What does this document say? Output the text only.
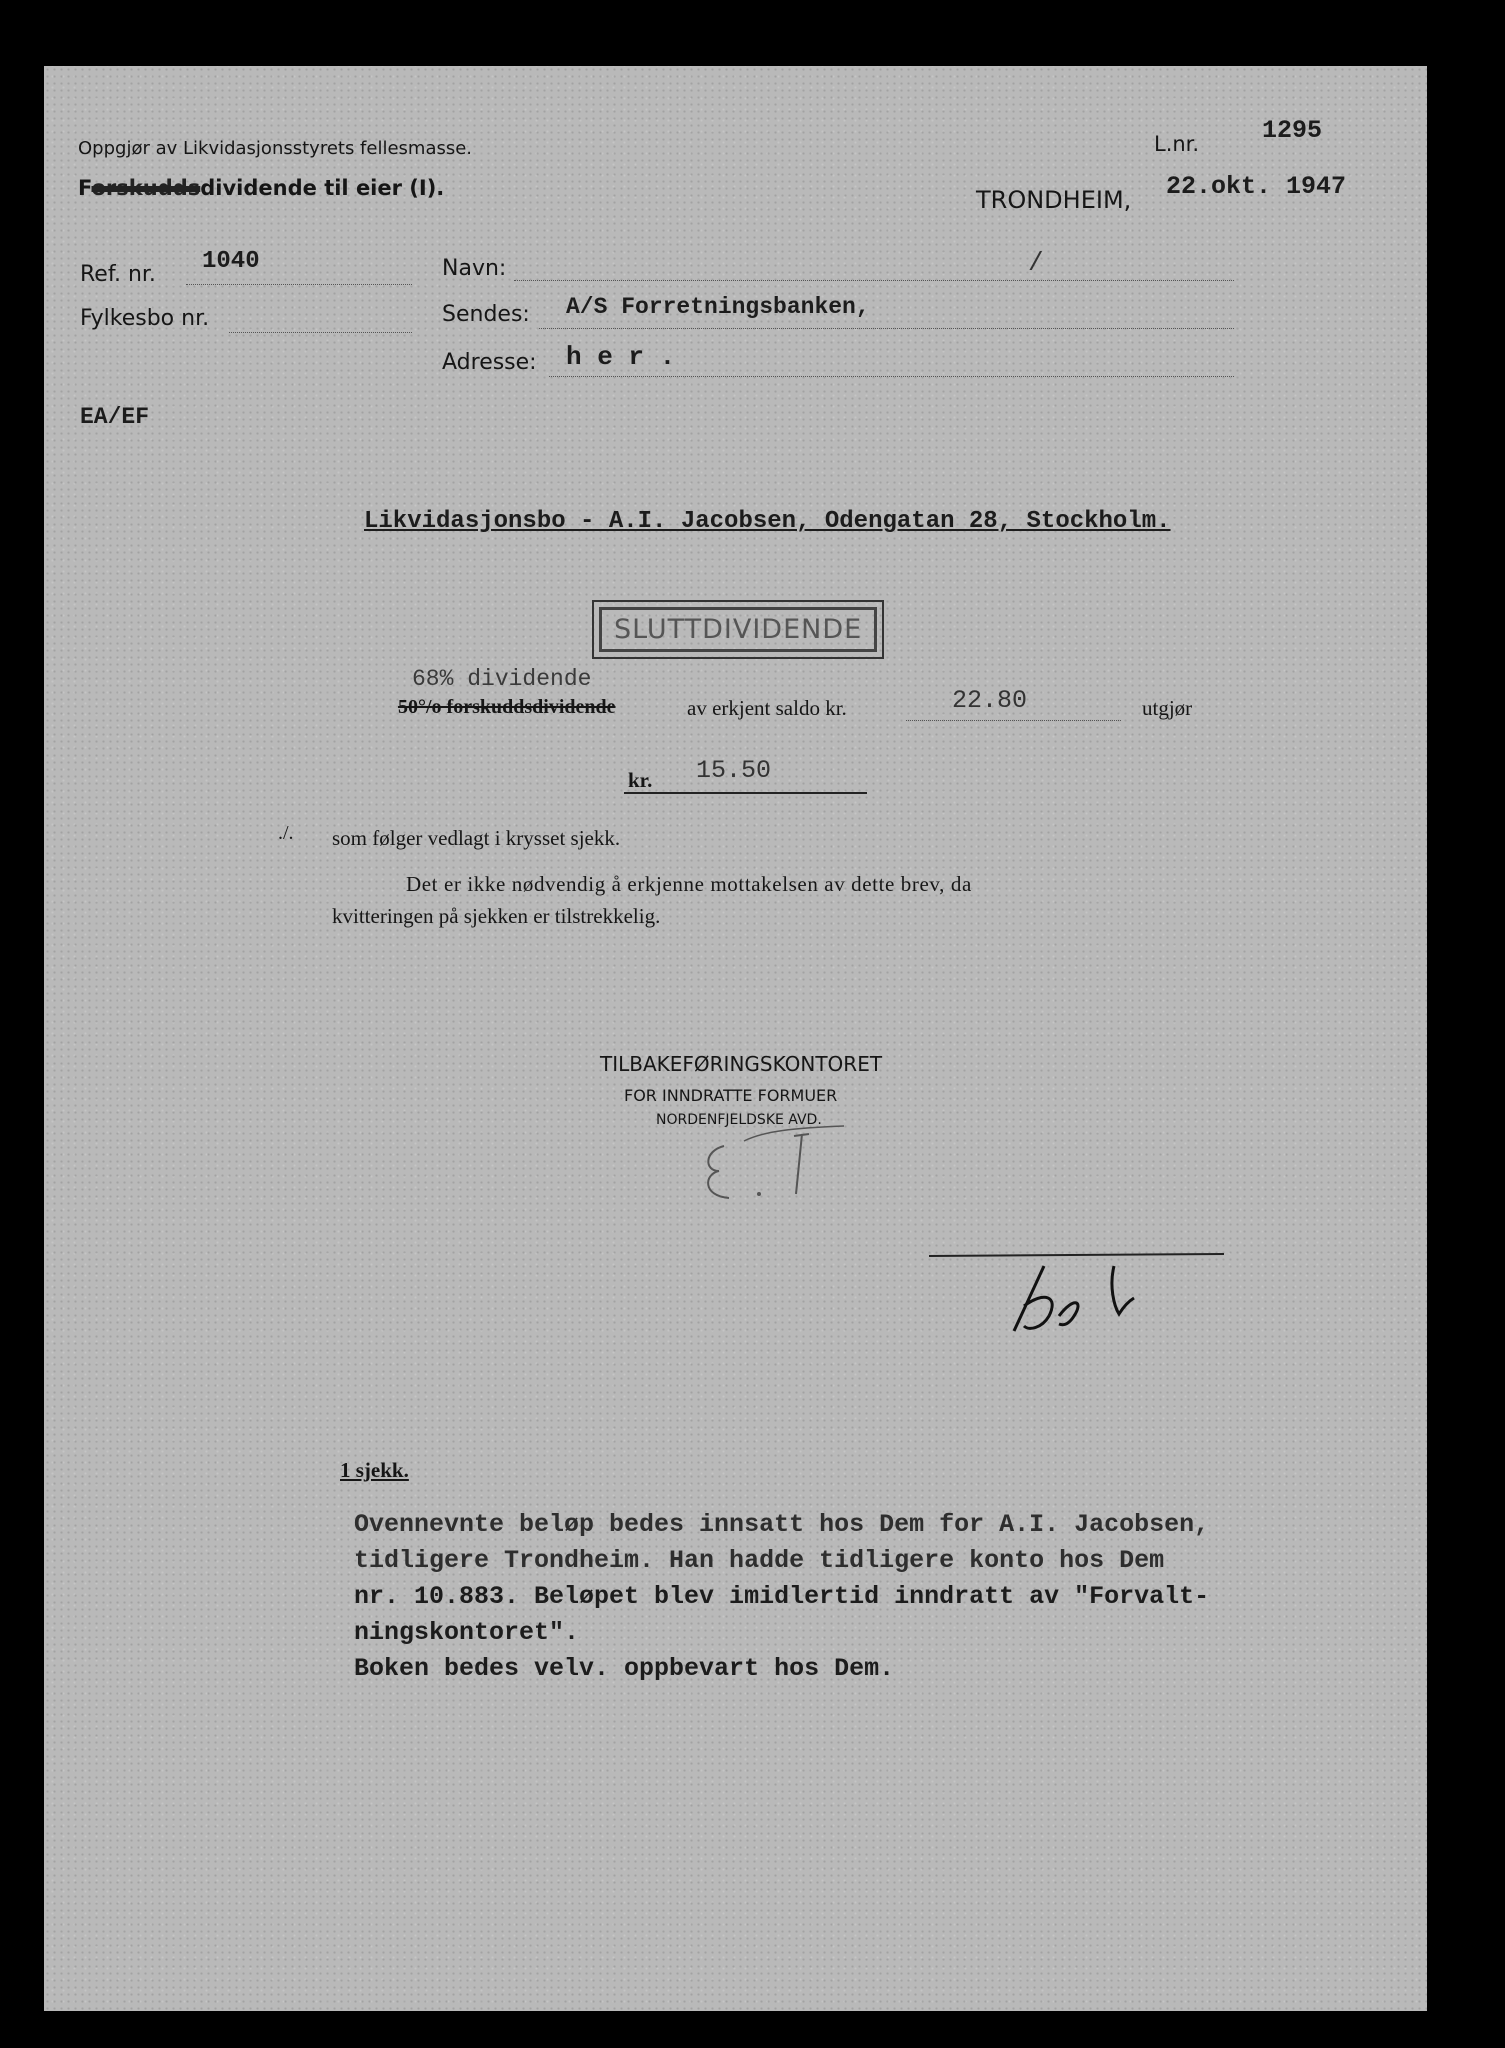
Oppgjør av Likvidasjonsstyrets fellesmasse.
Forskuddsdividende til eier (I).
L.nr.	1295
TRONDHEIM, 22.okt. 1947
Ref. nr. 1040
Fylkesbo nr.
Navn:	/
Sendes: A/S Forretningsbanken,
Adresse: h e r .
EA/EF
Likvidasjonsbo - A.I. Jacobsen, Odengatan 28, Stockholm.
SLUTTDIVIDENDE
68% dividende
50°/o forskuddsdividende	av erkjent saldo kr.	22.80	utgjør
kr. 15.50
./. som følger vedlagt i krysset sjekk.
Det er ikke nødvendig å erkjenne mottakelsen av dette brev, da
kvitteringen på sjekken er tilstrekkelig.
TILBAKEFØRINGSKONTORET
FOR INNDRATTE FORMUER
NORDENFJELDSKE AVD.
1 sjekk.
Ovennevnte beløp bedes innsatt hos Dem for A.I. Jacobsen,
tidligere Trondheim. Han hadde tidligere konto hos Dem
nr. 10.883. Beløpet blev imidlertid inndratt av "Forvalt-
ningskontoret".
Boken bedes velv. oppbevart hos Dem.
